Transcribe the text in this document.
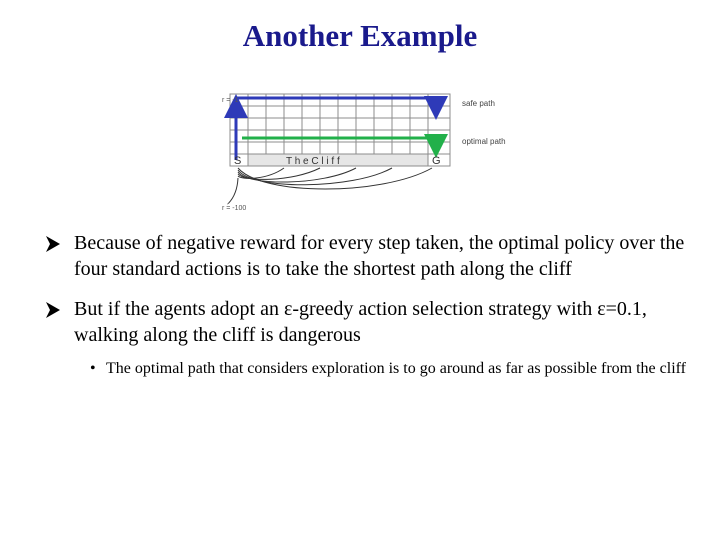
Another Example
r = -1
r = -100
S	G
T h e C l i f f
safe path
optimal path
Because of negative reward for every step taken, the optimal policy over the four standard actions is to take the shortest path along the cliff
But if the agents adopt an ε-greedy action selection strategy with ε=0.1, walking along the cliff is dangerous
• The optimal path that considers exploration is to go around as far as possible from the cliff
